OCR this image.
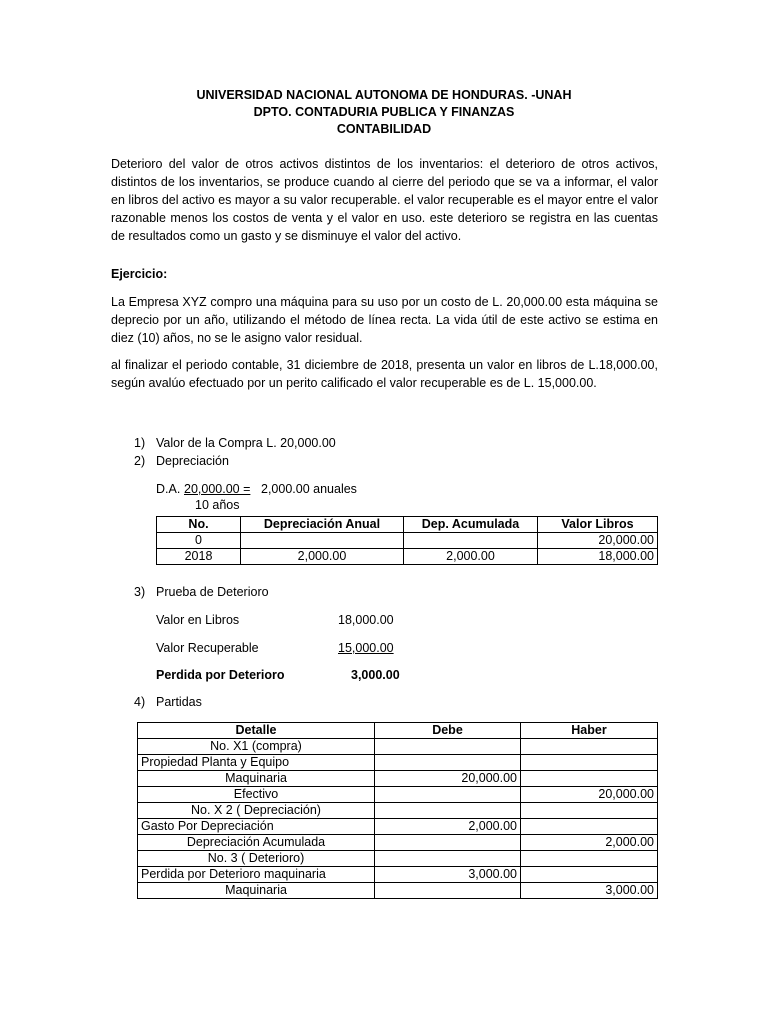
UNIVERSIDAD NACIONAL AUTONOMA DE HONDURAS. -UNAH
DPTO. CONTADURIA PUBLICA Y FINANZAS
CONTABILIDAD
Deterioro del valor de otros activos distintos de los inventarios: el deterioro de otros activos, distintos de los inventarios, se produce cuando al cierre del periodo que se va a informar, el valor en libros del activo es mayor a su valor recuperable. el valor recuperable es el mayor entre el valor razonable menos los costos de venta y el valor en uso. este deterioro se registra en las cuentas de resultados como un gasto y se disminuye el valor del activo.
Ejercicio:
La Empresa XYZ compro una máquina para su uso por un costo de L. 20,000.00 esta máquina se deprecio por un año, utilizando el método de línea recta. La vida útil de este activo se estima en diez (10) años, no se le asigno valor residual.
al finalizar el periodo contable, 31 diciembre de 2018, presenta un valor en libros de L.18,000.00, según avalúo efectuado por un perito calificado el valor recuperable es de L. 15,000.00.
1) Valor de la Compra L. 20,000.00
2) Depreciación
D.A. 20,000.00 = 2,000.00 anuales
10 años
No.	Depreciación Anual	Dep. Acumulada	Valor Libros
0			20,000.00
2018	2,000.00	2,000.00	18,000.00
3) Prueba de Deterioro
Valor en Libros	18,000.00
Valor Recuperable	15,000.00
Perdida por Deterioro	3,000.00
4) Partidas
Detalle	Debe	Haber
No. X1 (compra)		
Propiedad Planta y Equipo		
Maquinaria	20,000.00	
Efectivo		20,000.00
No. X 2 ( Depreciación)		
Gasto Por Depreciación	2,000.00	
Depreciación Acumulada		2,000.00
No. 3 ( Deterioro)		
Perdida por Deterioro maquinaria	3,000.00	
Maquinaria		3,000.00
